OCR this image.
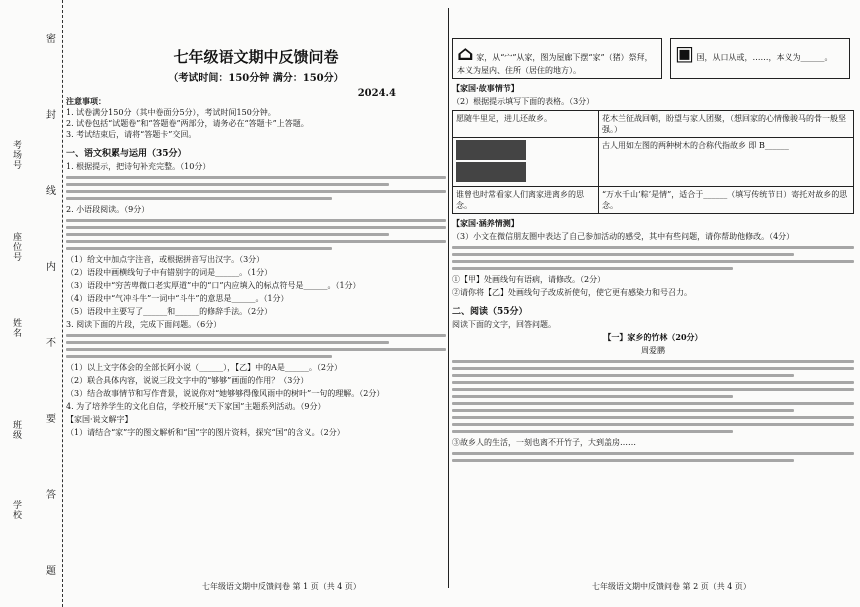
考场号
座位号
姓名
班级
学校
密
封
线
内
不
要
答
题
七年级语文期中反馈问卷
（考试时间：150分钟 满分：150分）
2024.4
注意事项：
1. 试卷满分150分（其中卷面分5分），考试时间150分钟。
2. 试卷包括“试题卷”和“答题卷”两部分，请务必在“答题卡”上答题。
3. 考试结束后，请将“答题卡”交回。
一、语文积累与运用（35分）
1. 根据提示，把诗句补充完整。（10分）
2. 小语段阅读。（9分）
（1）给文中加点字注音，或根据拼音写出汉字。（3分）
（2）语段中画横线句子中有错别字的词是______。（1分）
（3）语段中“穷苦卑微口老实厚道”中的“口”内应填入的标点符号是______。（1分）
（4）语段中“气冲斗牛”一词中“斗牛”的意思是______。（1分）
（5）语段中主要写了______和______的修辞手法。（2分）
3. 阅读下面的片段，完成下面问题。（6分）
（1）以上文字体会的全部长阿小说（______），【乙】中的A是______。（2分）
（2）联合具体内容，说说三段文字中的“够够”画面的作用？（3分）
（3）结合故事情节和写作背景，说说你对“她够够得像风雨中的树叶”一句的理解。（2分）
4. 为了培养学生的文化自信，学校开展“天下家国”主题系列活动。（9分）
【家国·说文解字】
（1）请结合“家”字的图文解析和“国”字的图片资料，探究“国”的含义。（2分）
七年级语文期中反馈问卷 第 1 页（共 4 页）
⌂ 家，从“宀”从家，图为屋廊下摆“家”（猪）祭拜，本义为屋内、住所（居住的地方）。
▣ 国，从口从或，……，本义为______。
【家国·故事情节】
（2）根据提示填写下面的表格。（3分）
愿随牛里足，进儿还故乡。	花木兰征战回朝，盼望与家人团聚，（想回家的心情像骏马的骨一般坚强。）
	古人用如左图的两种树木的合称代指故乡 即 B______
谁曾也时常看家人们离家进离乡的思念。	“万水千山‘粽’是情”，适合于______（填写传统节日）寄托对故乡的思念。
【家国·涵养情测】
（3）小文在微信朋友圈中表达了自己参加活动的感受，其中有些问题，请你帮助他修改。（4分）
①【甲】处画线句有语病，请修改。（2分）
②请你将【乙】处画线句子改成祈使句，使它更有感染力和号召力。
二、阅读（55分）
阅读下面的文字，回答问题。
【一】家乡的竹林（20分）
周爱鹏
③故乡人的生活，一刻也离不开竹子，大到盖房……
七年级语文期中反馈问卷 第 2 页（共 4 页）
